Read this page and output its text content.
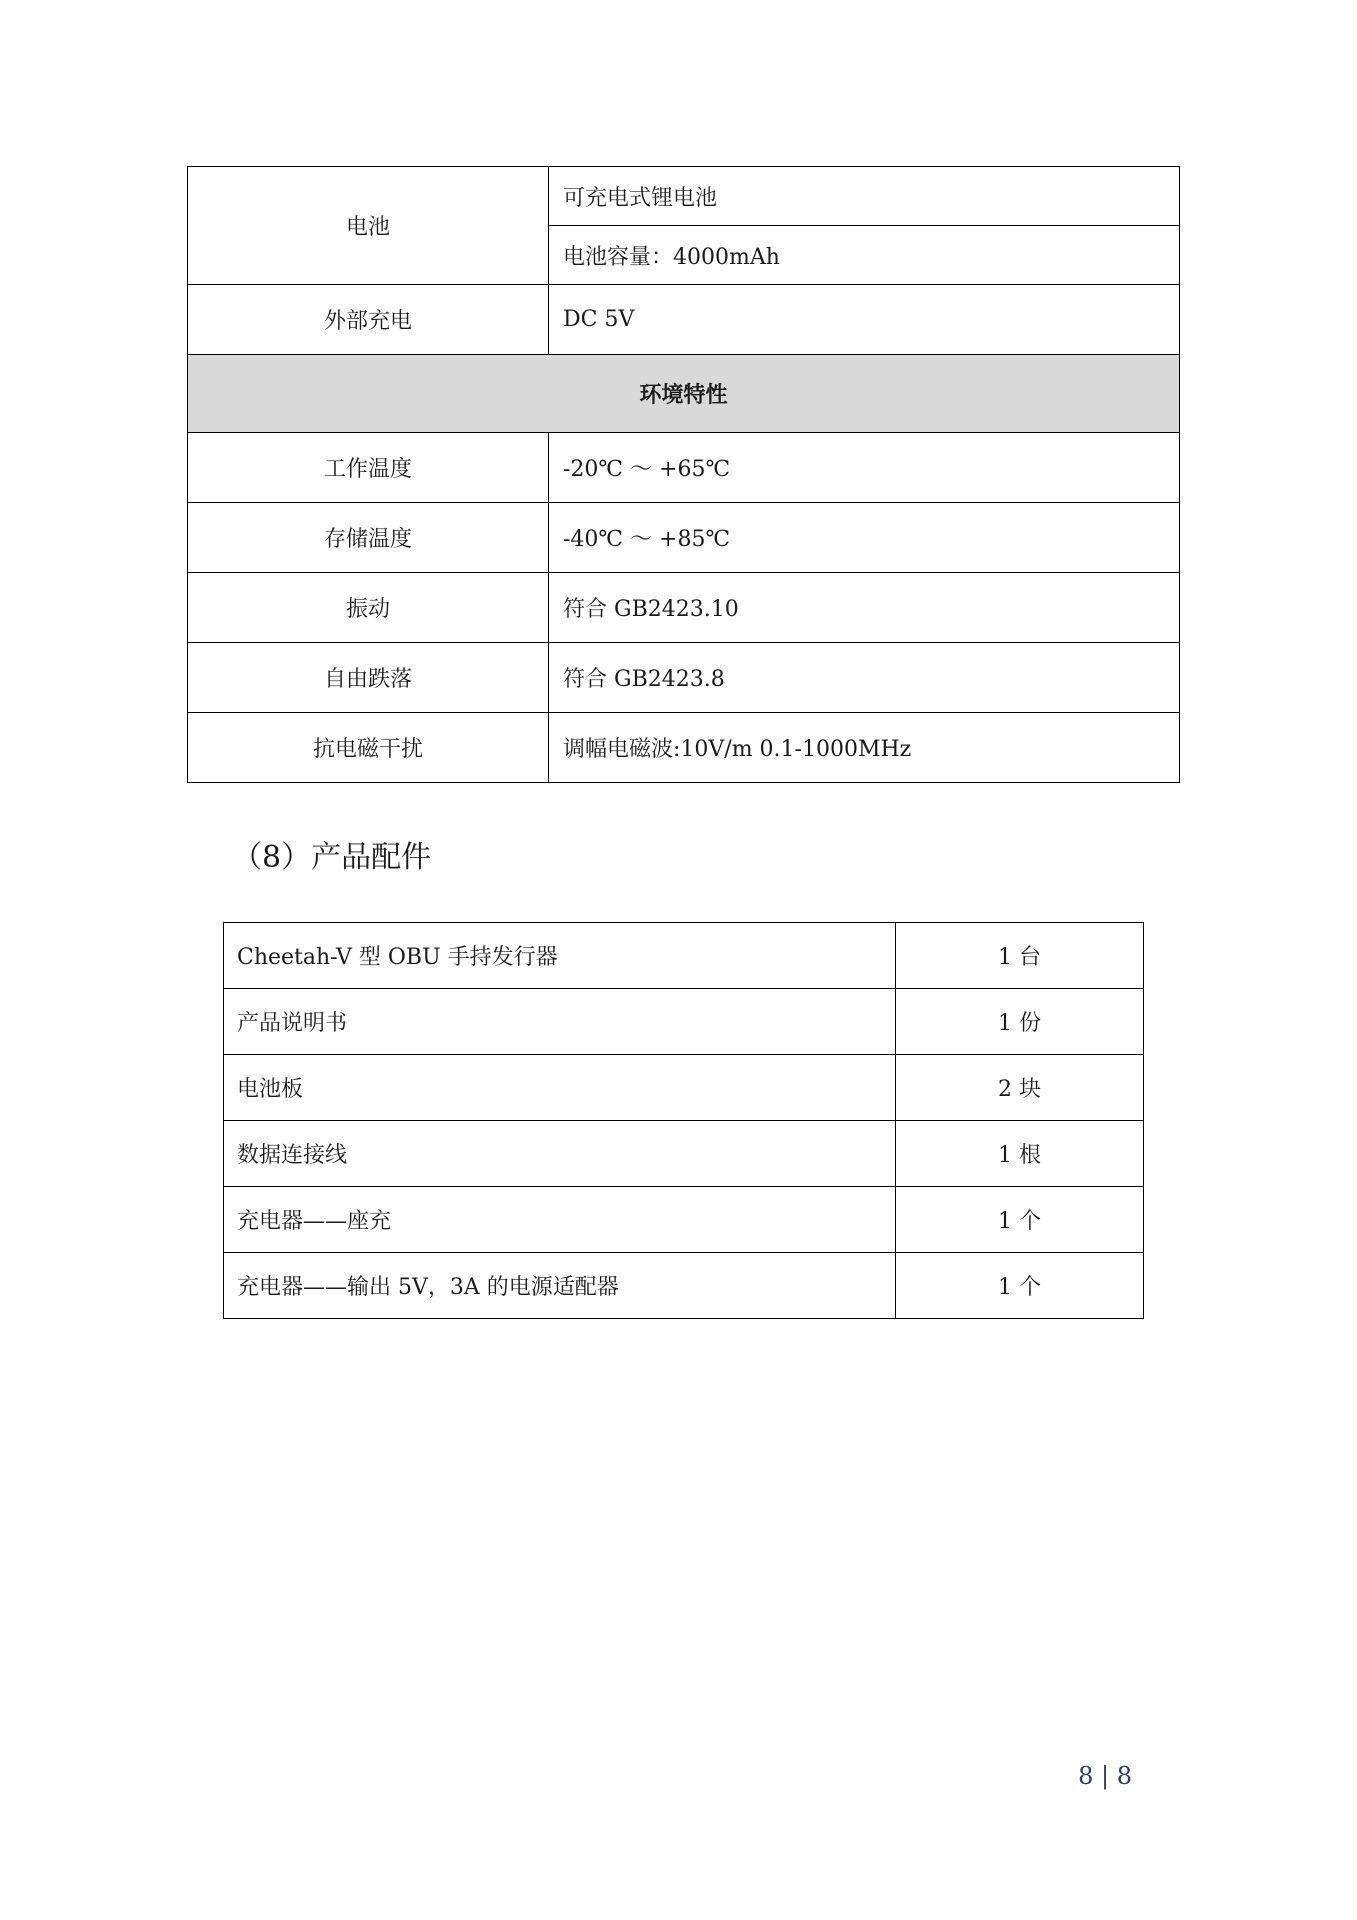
电池	可充电式锂电池
	电池容量：4000mAh
外部充电	DC 5V
环境特性	
工作温度	-20℃ ～ +65℃
存储温度	-40℃ ～ +85℃
振动	符合 GB2423.10
自由跌落	符合 GB2423.8
抗电磁干扰	调幅电磁波:10V/m 0.1-1000MHz
（8）产品配件
Cheetah-V 型 OBU 手持发行器	1 台
产品说明书	1 份
电池板	2 块
数据连接线	1 根
充电器——座充	1 个
充电器——输出 5V，3A 的电源适配器	1 个
8 | 8
